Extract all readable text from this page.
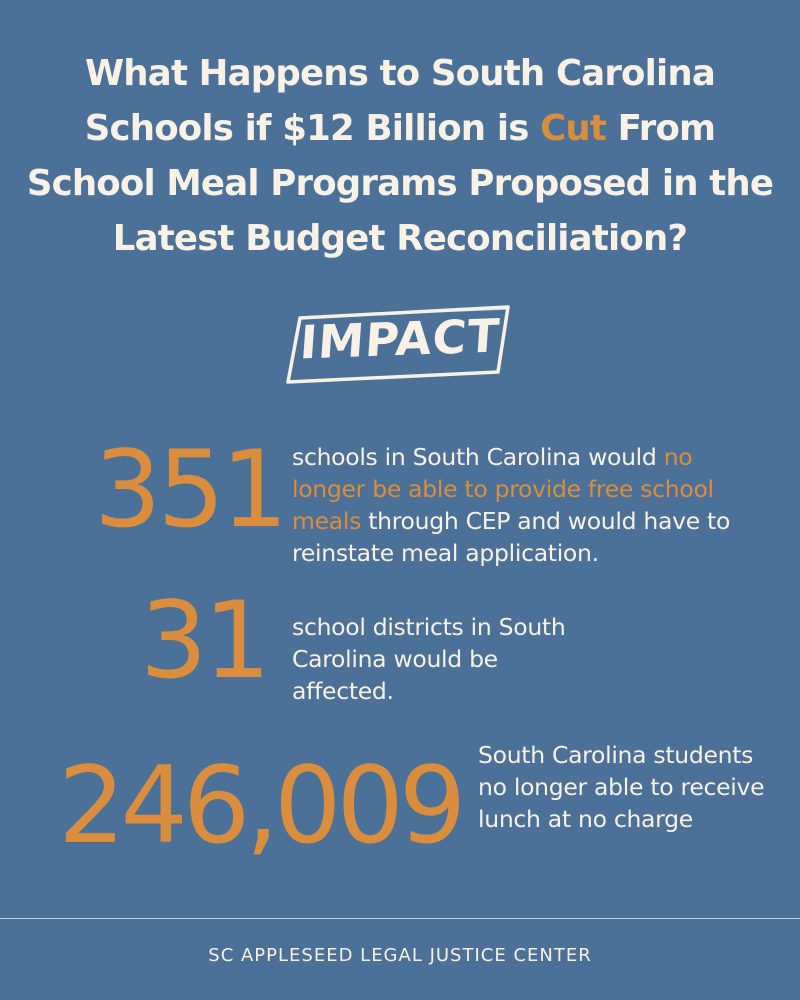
What Happens to South Carolina Schools if $12 Billion is Cut From School Meal Programs Proposed in the Latest Budget Reconciliation?
IMPACT
351 schools in South Carolina would no longer be able to provide free school meals through CEP and would have to reinstate meal application.
31 school districts in South Carolina would be affected.
246,009 South Carolina students no longer able to receive lunch at no charge
SC APPLESEED LEGAL JUSTICE CENTER
